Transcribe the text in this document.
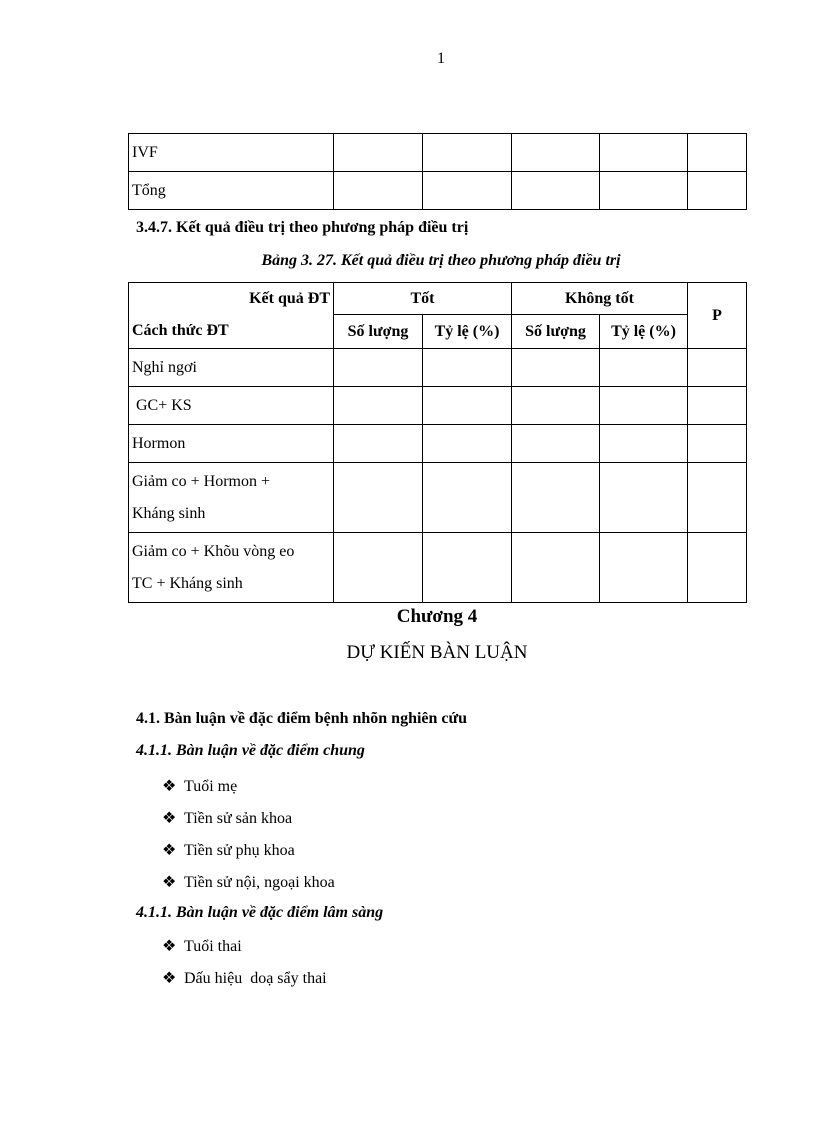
1
IVF					
Tổng					
3.4.7. Kết quả điều trị theo phương pháp điều trị
Bảng 3. 27. Kết quả điều trị theo phương pháp điều trị
Kết quả ĐT	Tốt		Không tốt		P
Cách thức ĐT	Số lượng	Tỷ lệ (%)	Số lượng	Tỷ lệ (%)	
Nghỉ ngơi					
GC+ KS					
Hormon					

Giảm co + Hormon +
Kháng sinh					

Giảm co + Khõu vòng eo
TC + Kháng sinh					

Chương 4
DỰ KIẾN BÀN LUẬN
4.1. Bàn luận về đặc điểm bệnh nhõn nghiên cứu
4.1.1. Bàn luận về đặc điểm chung
❖ Tuổi mẹ
❖ Tiền sử sản khoa
❖ Tiền sử phụ khoa
❖ Tiền sử nội, ngoại khoa
4.1.1. Bàn luận về đặc điểm lâm sàng
❖ Tuổi thai
❖ Dấu hiệu  doạ sẩy thai
